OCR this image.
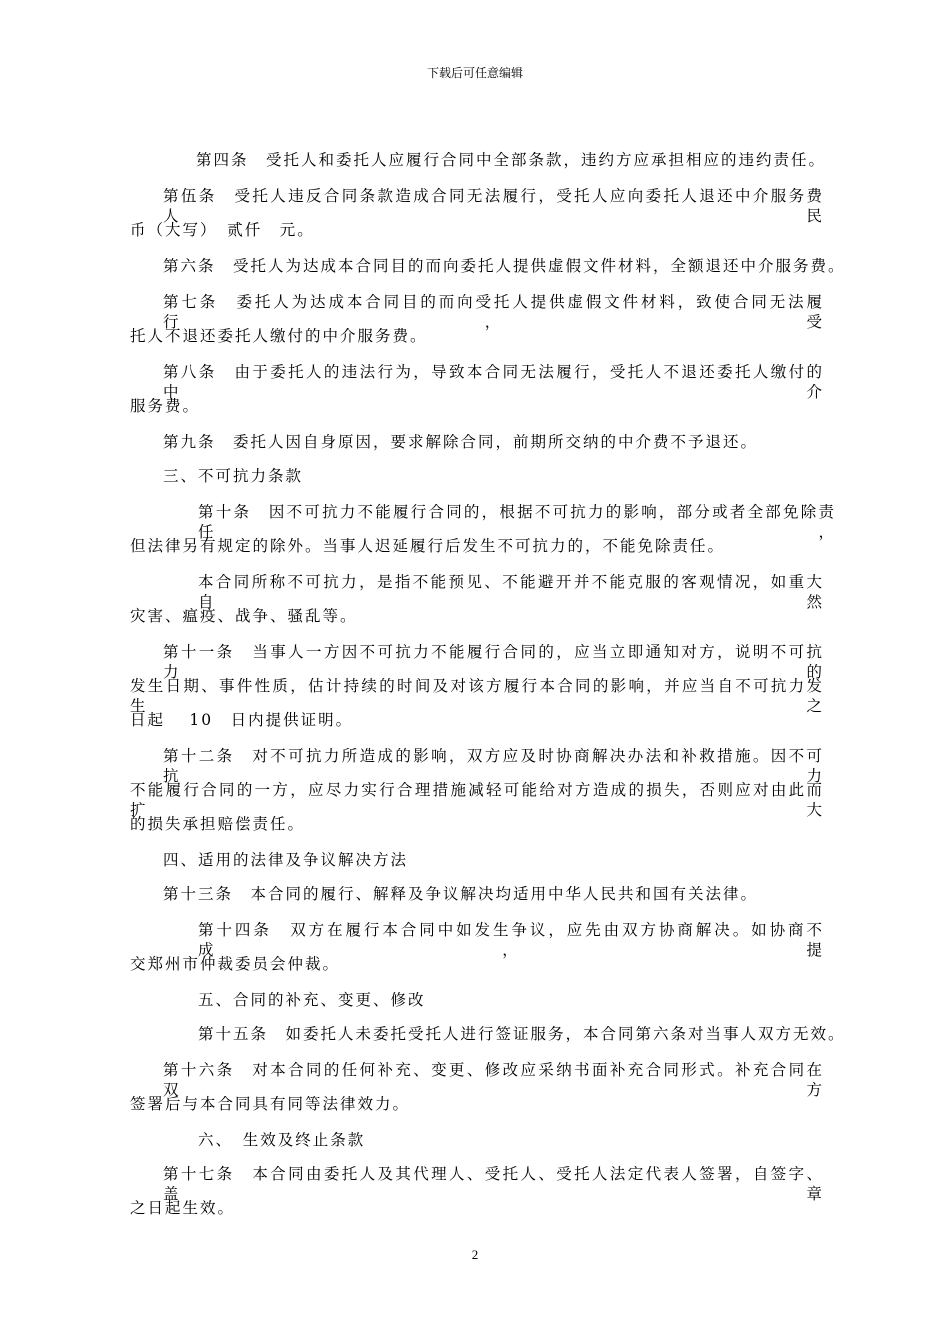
下载后可任意编辑
第四条　受托人和委托人应履行合同中全部条款，违约方应承担相应的违约责任。
第伍条　受托人违反合同条款造成合同无法履行，受托人应向委托人退还中介服务费人民
币（大写）　贰仟　元。
第六条　受托人为达成本合同目的而向委托人提供虚假文件材料，全额退还中介服务费。
第七条　委托人为达成本合同目的而向受托人提供虚假文件材料，致使合同无法履行，受
托人不退还委托人缴付的中介服务费。
第八条　由于委托人的违法行为，导致本合同无法履行，受托人不退还委托人缴付的中介
服务费。
第九条　委托人因自身原因，要求解除合同，前期所交纳的中介费不予退还。
三、不可抗力条款
第十条　因不可抗力不能履行合同的，根据不可抗力的影响，部分或者全部免除责任，
但法律另有规定的除外。当事人迟延履行后发生不可抗力的，不能免除责任。
本合同所称不可抗力，是指不能预见、不能避开并不能克服的客观情况，如重大自然
灾害、瘟疫、战争、骚乱等。
第十一条　当事人一方因不可抗力不能履行合同的，应当立即通知对方，说明不可抗力的
发生日期、事件性质，估计持续的时间及对该方履行本合同的影响，并应当自不可抗力发生之
日起　 10　日内提供证明。
第十二条　对不可抗力所造成的影响，双方应及时协商解决办法和补救措施。因不可抗力
不能履行合同的一方，应尽力实行合理措施减轻可能给对方造成的损失，否则应对由此而扩大
的损失承担赔偿责任。
四、适用的法律及争议解决方法
第十三条　本合同的履行、解释及争议解决均适用中华人民共和国有关法律。
第十四条　双方在履行本合同中如发生争议，应先由双方协商解决。如协商不成，提
交郑州市仲裁委员会仲裁。
五、合同的补充、变更、修改
第十五条　如委托人未委托受托人进行签证服务，本合同第六条对当事人双方无效。
第十六条　对本合同的任何补充、变更、修改应采纳书面补充合同形式。补充合同在双方
签署后与本合同具有同等法律效力。
六、　生效及终止条款
第十七条　本合同由委托人及其代理人、受托人、受托人法定代表人签署，自签字、盖章
之日起生效。
2
